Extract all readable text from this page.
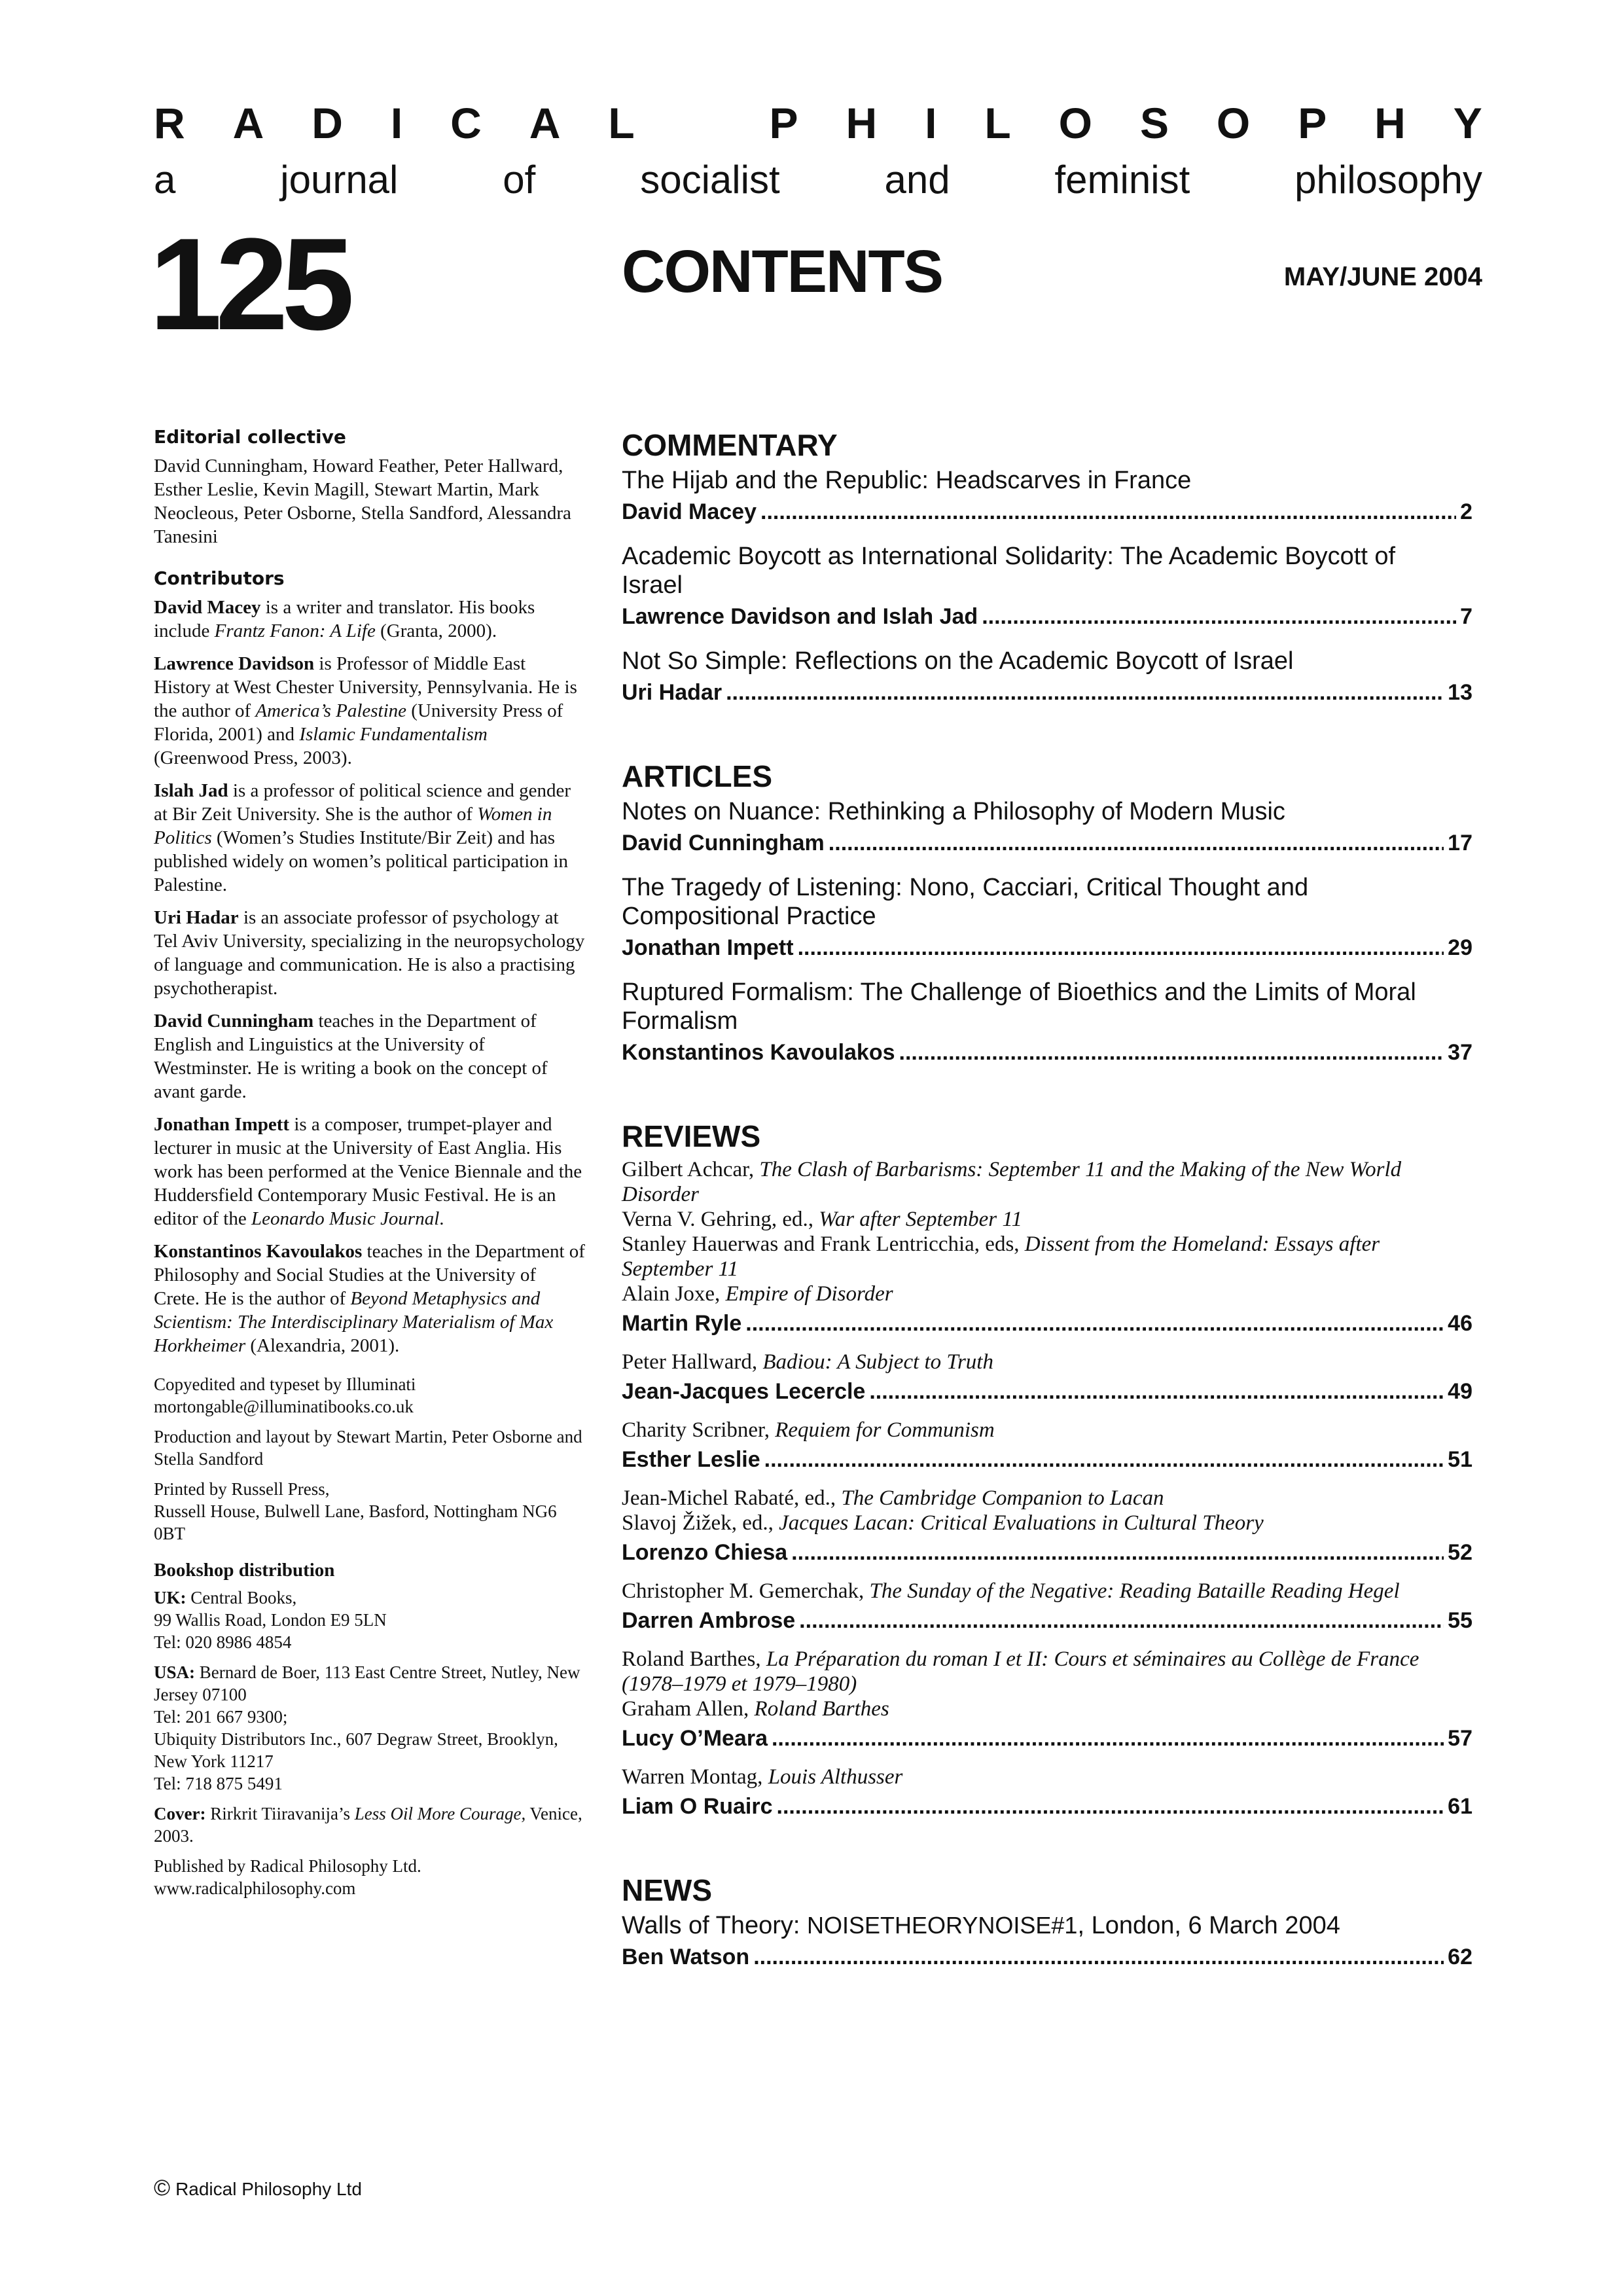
R A D I C A L	P H I L O S O P H Y
a	journal	of	socialist	and	feminist	philosophy
125	CONTENTS	MAY/JUNE 2004
Editorial collective

David Cunningham, Howard Feather, Peter Hallward, Esther Leslie, Kevin Magill, Stewart Martin, Mark Neocleous, Peter Osborne, Stella Sandford, Alessandra Tanesini

Contributors

David Macey is a writer and translator. His books include Frantz Fanon: A Life (Granta, 2000).

Lawrence Davidson is Professor of Middle East History at West Chester University, Pennsylvania. He is the author of America’s Palestine (University Press of Florida, 2001) and Islamic Fundamentalism (Greenwood Press, 2003).

Islah Jad is a professor of political science and gender at Bir Zeit University. She is the author of Women in Politics (Women’s Studies Institute/Bir Zeit) and has published widely on women’s political participation in Palestine.

Uri Hadar is an associate professor of psychology at Tel Aviv University, specializing in the neuropsychology of language and communication. He is also a practising psychotherapist.

David Cunningham teaches in the Department of English and Linguistics at the University of Westminster. He is writing a book on the concept of avant garde.

Jonathan Impett is a composer, trumpet-player and lecturer in music at the University of East Anglia. His work has been performed at the Venice Biennale and the Huddersfield Contemporary Music Festival. He is an editor of the Leonardo Music Journal.

Konstantinos Kavoulakos teaches in the Department of Philosophy and Social Studies at the University of Crete. He is the author of Beyond Metaphysics and Scientism: The Interdisciplinary Materialism of Max Horkheimer (Alexandria, 2001).

Copyedited and typeset by Illuminati
mortongable@illuminatibooks.co.uk

Production and layout by Stewart Martin, Peter Osborne and Stella Sandford

Printed by Russell Press,
Russell House, Bulwell Lane, Basford, Nottingham NG6 0BT

Bookshop distribution

UK: Central Books,
99 Wallis Road, London E9 5LN
Tel: 020 8986 4854

USA: Bernard de Boer, 113 East Centre Street, Nutley, New Jersey 07100
Tel: 201 667 9300;
Ubiquity Distributors Inc., 607 Degraw Street, Brooklyn, New York 11217
Tel: 718 875 5491

Cover: Rirkrit Tiiravanija’s Less Oil More Courage, Venice, 2003.

Published by Radical Philosophy Ltd.
www.radicalphilosophy.com

© Radical Philosophy Ltd
COMMENTARY
The Hijab and the Republic: Headscarves in France
David Macey .....	2
Academic Boycott as International Solidarity: The Academic Boycott of Israel
Lawrence Davidson and Islah Jad .....	7
Not So Simple: Reflections on the Academic Boycott of Israel
Uri Hadar .....	13
ARTICLES
Notes on Nuance: Rethinking a Philosophy of Modern Music
David Cunningham .....	17
The Tragedy of Listening: Nono, Cacciari, Critical Thought and Compositional Practice
Jonathan Impett .....	29
Ruptured Formalism: The Challenge of Bioethics and the Limits of Moral Formalism
Konstantinos Kavoulakos .....	37
REVIEWS
Gilbert Achcar, The Clash of Barbarisms: September 11 and the Making of the New World Disorder
Verna V. Gehring, ed., War after September 11
Stanley Hauerwas and Frank Lentricchia, eds, Dissent from the Homeland: Essays after September 11
Alain Joxe, Empire of Disorder
Martin Ryle .....	46
Peter Hallward, Badiou: A Subject to Truth
Jean-Jacques Lecercle .....	49
Charity Scribner, Requiem for Communism
Esther Leslie .....	51
Jean-Michel Rabaté, ed., The Cambridge Companion to Lacan
Slavoj Žižek, ed., Jacques Lacan: Critical Evaluations in Cultural Theory
Lorenzo Chiesa .....	52
Christopher M. Gemerchak, The Sunday of the Negative: Reading Bataille Reading Hegel
Darren Ambrose .....	55
Roland Barthes, La Préparation du roman I et II: Cours et séminaires au Collège de France (1978–1979 et 1979–1980)
Graham Allen, Roland Barthes
Lucy O’Meara .....	57
Warren Montag, Louis Althusser
Liam O Ruairc .....	61
NEWS
Walls of Theory: NOISETHEORYNOISE#1, London, 6 March 2004
Ben Watson .....	62
